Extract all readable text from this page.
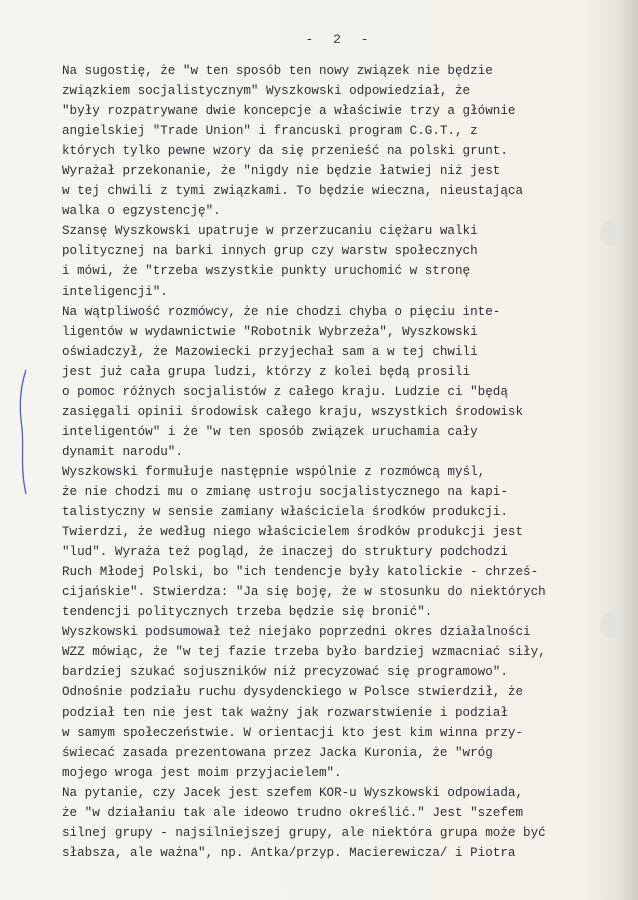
- 2 -
Na sugostię, że "w ten sposób ten nowy związek nie będzie
związkiem socjalistycznym" Wyszkowski odpowiedział, że
"były rozpatrywane dwie koncepcje a właściwie trzy a głównie
angielskiej "Trade Union" i francuski program C.G.T., z
których tylko pewne wzory da się przenieść na polski grunt.
Wyrażał przekonanie, że "nigdy nie będzie łatwiej niż jest
w tej chwili z tymi związkami. To będzie wieczna, nieustająca
walka o egzystencję".
Szansę Wyszkowski upatruje w przerzucaniu ciężaru walki
politycznej na barki innych grup czy warstw społecznych
i mówi, że "trzeba wszystkie punkty uruchomić w stronę
inteligencji".
Na wątpliwość rozmówcy, że nie chodzi chyba o pięciu inte-
ligentów w wydawnictwie "Robotnik Wybrzeża", Wyszkowski
oświadczył, że Mazowiecki przyjechał sam a w tej chwili
jest już cała grupa ludzi, którzy z kolei będą prosili
o pomoc różnych socjalistów z całego kraju. Ludzie ci "będą
zasięgali opinii środowisk całego kraju, wszystkich środowisk
inteligentów" i że "w ten sposób związek uruchamia cały
dynamit narodu".
Wyszkowski formułuje następnie wspólnie z rozmówcą myśl,
że nie chodzi mu o zmianę ustroju socjalistycznego na kapi-
talistyczny w sensie zamiany właściciela środków produkcji.
Twierdzi, że według niego właścicielem środków produkcji jest
"lud". Wyraża też pogląd, że inaczej do struktury podchodzi
Ruch Młodej Polski, bo "ich tendencje były katolickie - chrześ-
cijańskie". Stwierdza: "Ja się boję, że w stosunku do niektórych
tendencji politycznych trzeba będzie się bronić".
Wyszkowski podsumował też niejako poprzedni okres działalności
WZZ mówiąc, że "w tej fazie trzeba było bardziej wzmacniać siły,
bardziej szukać sojuszników niż precyzować się programowo".
Odnośnie podziału ruchu dysydenckiego w Polsce stwierdził, że
podział ten nie jest tak ważny jak rozwarstwienie i podział
w samym społeczeństwie. W orientacji kto jest kim winna przy-
świecać zasada prezentowana przez Jacka Kuronia, że "wróg
mojego wroga jest moim przyjacielem".
Na pytanie, czy Jacek jest szefem KOR-u Wyszkowski odpowiada,
że "w działaniu tak ale ideowo trudno określić." Jest "szefem
silnej grupy - najsilniejszej grupy, ale niektóra grupa może być
słabsza, ale ważna", np. Antka/przyp. Macierewicza/ i Piotra
